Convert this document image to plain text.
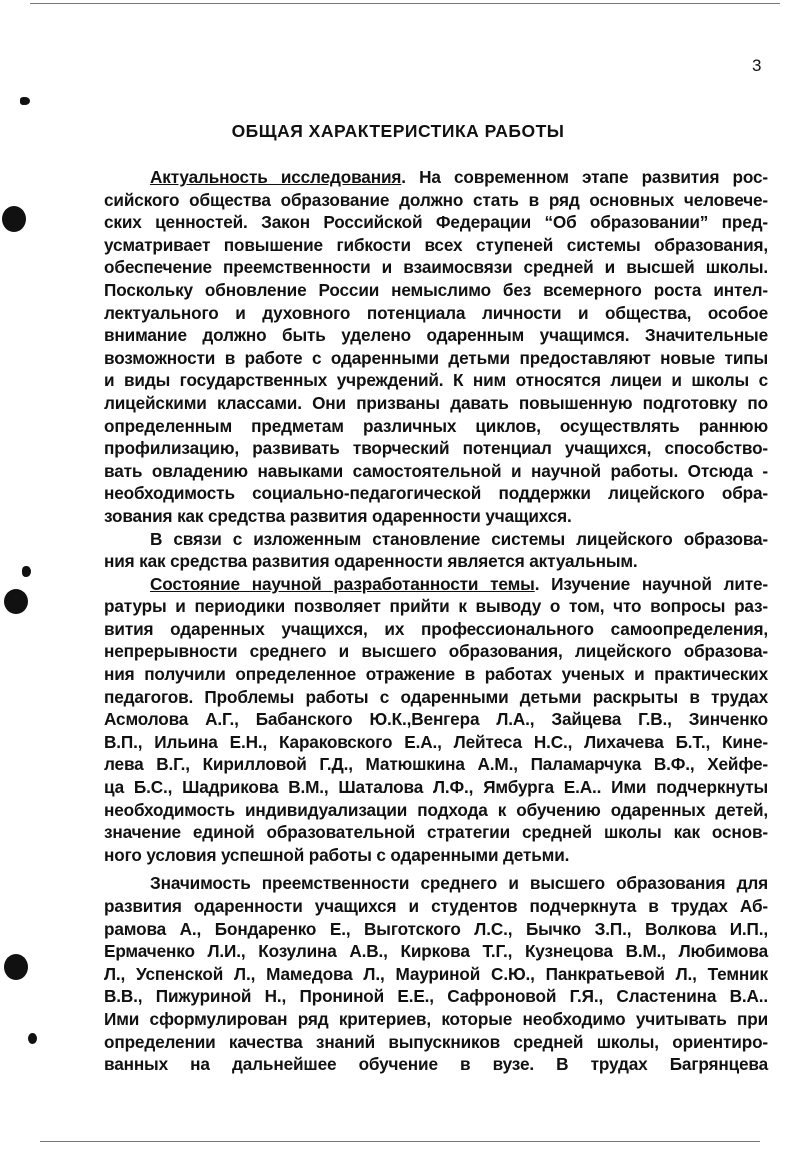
3
ОБЩАЯ ХАРАКТЕРИСТИКА РАБОТЫ
Актуальность исследования. На современном этапе развития рос-
сийского общества образование должно стать в ряд основных человече-
ских ценностей. Закон Российской Федерации “Об образовании” пред-
усматривает повышение гибкости всех ступеней системы образования,
обеспечение преемственности и взаимосвязи средней и высшей школы.
Поскольку обновление России немыслимо без всемерного роста интел-
лектуального и духовного потенциала личности и общества, особое
внимание должно быть уделено одаренным учащимся. Значительные
возможности в работе с одаренными детьми предоставляют новые типы
и виды государственных учреждений. К ним относятся лицеи и школы с
лицейскими классами. Они призваны давать повышенную подготовку по
определенным предметам различных циклов, осуществлять раннюю
профилизацию, развивать творческий потенциал учащихся, способство-
вать овладению навыками самостоятельной и научной работы. Отсюда -
необходимость социально-педагогической поддержки лицейского обра-
зования как средства развития одаренности учащихся.
В связи с изложенным становление системы лицейского образова-
ния как средства развития одаренности является актуальным.
Состояние научной разработанности темы. Изучение научной лите-
ратуры и периодики позволяет прийти к выводу о том, что вопросы раз-
вития одаренных учащихся, их профессионального самоопределения,
непрерывности среднего и высшего образования, лицейского образова-
ния получили определенное отражение в работах ученых и практических
педагогов. Проблемы работы с одаренными детьми раскрыты в трудах
Асмолова А.Г., Бабанского Ю.К.,Венгера Л.А., Зайцева Г.В., Зинченко
В.П., Ильина Е.Н., Караковского Е.А., Лейтеса Н.С., Лихачева Б.Т., Кине-
лева В.Г., Кирилловой Г.Д., Матюшкина А.М., Паламарчука В.Ф., Хейфе-
ца Б.С., Шадрикова В.М., Шаталова Л.Ф., Ямбурга Е.А.. Ими подчеркнуты
необходимость индивидуализации подхода к обучению одаренных детей,
значение единой образовательной стратегии средней школы как основ-
ного условия успешной работы с одаренными детьми.
Значимость преемственности среднего и высшего образования для
развития одаренности учащихся и студентов подчеркнута в трудах Аб-
рамова А., Бондаренко Е., Выготского Л.С., Бычко З.П., Волкова И.П.,
Ермаченко Л.И., Козулина А.В., Киркова Т.Г., Кузнецова В.М., Любимова
Л., Успенской Л., Мамедова Л., Мауриной С.Ю., Панкратьевой Л., Темник
В.В., Пижуриной Н., Прониной Е.Е., Сафроновой Г.Я., Сластенина В.А..
Ими сформулирован ряд критериев, которые необходимо учитывать при
определении качества знаний выпускников средней школы, ориентиро-
ванных на дальнейшее обучение в вузе. В трудах Багрянцева
